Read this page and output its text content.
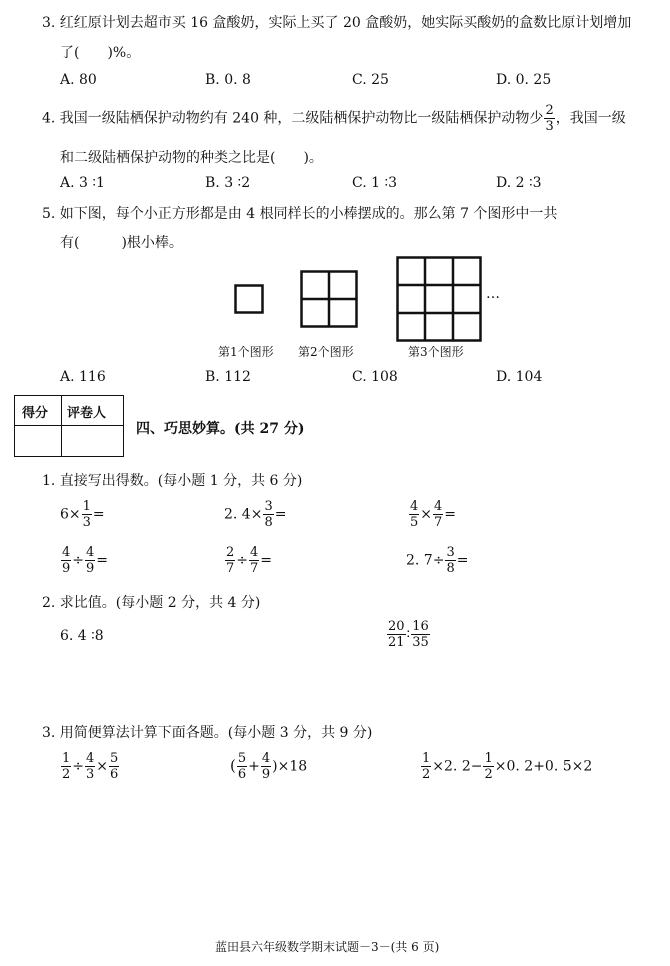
3. 红红原计划去超市买 16 盒酸奶，实际上买了 20 盒酸奶，她实际买酸奶的盒数比原计划增加
了(　　)%。
A. 80	B. 0. 8	C. 25	D. 0. 25
4. 我国一级陆栖保护动物约有 240 种，二级陆栖保护动物比一级陆栖保护动物少 $\frac{2}{3}$ ，我国一级
和二级陆栖保护动物的种类之比是(　　)。
A. 3 ∶1	B. 3 ∶2	C. 1 ∶3	D. 2 ∶3
5. 如下图，每个小正方形都是由 4 根同样长的小棒摆成的。那么第 7 个图形中一共
有(　　　)根小棒。
…
第1个图形 第2个图形	第3个图形
A. 116	B. 112	C. 108	D. 104
得分 评卷人
四、巧思妙算。(共 27 分)
1. 直接写出得数。(每小题 1 分，共 6 分)
$6\times \frac{1}{3}$ =	2. $4\times \frac{3}{8}$ =	$\frac{4}{5} \times \frac{4}{7}$ =
$\frac{4}{9} \div \frac{4}{9}$ =	$\frac{2}{7} \div \frac{4}{7}$ =	2. $7\div \frac{3}{8}$ =
2. 求比值。(每小题 2 分，共 4 分)
6. 4 ∶8	$\frac{20}{21}$ ∶ $\frac{16}{35}$
3. 用简便算法计算下面各题。(每小题 3 分，共 9 分)
$\frac{1}{2} \div \frac{4}{3} \times \frac{5}{6}$	( $\frac{5}{6} + \frac{4}{9} )\times 18$	$\frac{1}{2} \times 2$. $2- \frac{1}{2} \times 0$. 2+0. 5×2
蓝田县六年级数学期末试题－3－(共 6 页)
